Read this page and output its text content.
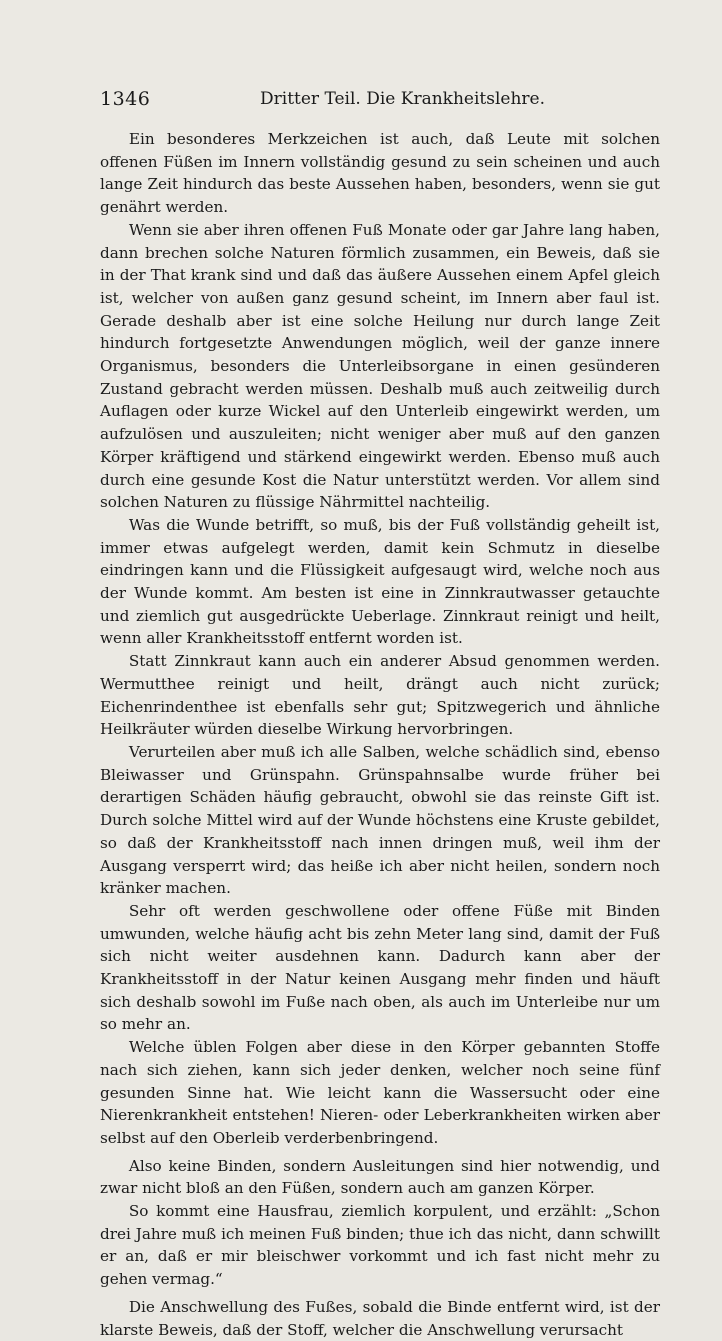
1346	Dritter Teil. Die Krankheitslehre.

Ein besonderes Merkzeichen ist auch, daß Leute mit solchen offenen Füßen im Innern vollständig gesund zu sein scheinen und auch lange Zeit hindurch das beste Aussehen haben, besonders, wenn sie gut genährt werden.

Wenn sie aber ihren offenen Fuß Monate oder gar Jahre lang haben, dann brechen solche Naturen förmlich zusammen, ein Beweis, daß sie in der That krank sind und daß das äußere Aussehen einem Apfel gleich ist, welcher von außen ganz gesund scheint, im Innern aber faul ist. Gerade deshalb aber ist eine solche Heilung nur durch lange Zeit hindurch fortgesetzte Anwendungen möglich, weil der ganze innere Organismus, besonders die Unterleibsorgane in einen gesünderen Zustand gebracht werden müssen. Deshalb muß auch zeitweilig durch Auflagen oder kurze Wickel auf den Unterleib eingewirkt werden, um aufzulösen und auszuleiten; nicht weniger aber muß auf den ganzen Körper kräftigend und stärkend eingewirkt werden. Ebenso muß auch durch eine gesunde Kost die Natur unterstützt werden. Vor allem sind solchen Naturen zu flüssige Nährmittel nachteilig.

Was die Wunde betrifft, so muß, bis der Fuß vollständig geheilt ist, immer etwas aufgelegt werden, damit kein Schmutz in dieselbe eindringen kann und die Flüssigkeit aufgesaugt wird, welche noch aus der Wunde kommt. Am besten ist eine in Zinnkrautwasser getauchte und ziemlich gut ausgedrückte Ueberlage. Zinnkraut reinigt und heilt, wenn aller Krankheitsstoff entfernt worden ist.

Statt Zinnkraut kann auch ein anderer Absud genommen werden. Wermutthee reinigt und heilt, drängt auch nicht zurück; Eichenrindenthee ist ebenfalls sehr gut; Spitzwegerich und ähnliche Heilkräuter würden dieselbe Wirkung hervorbringen.

Verurteilen aber muß ich alle Salben, welche schädlich sind, ebenso Bleiwasser und Grünspahn. Grünspahnsalbe wurde früher bei derartigen Schäden häufig gebraucht, obwohl sie das reinste Gift ist. Durch solche Mittel wird auf der Wunde höchstens eine Kruste gebildet, so daß der Krankheitsstoff nach innen dringen muß, weil ihm der Ausgang versperrt wird; das heiße ich aber nicht heilen, sondern noch kränker machen.

Sehr oft werden geschwollene oder offene Füße mit Binden umwunden, welche häufig acht bis zehn Meter lang sind, damit der Fuß sich nicht weiter ausdehnen kann. Dadurch kann aber der Krankheitsstoff in der Natur keinen Ausgang mehr finden und häuft sich deshalb sowohl im Fuße nach oben, als auch im Unterleibe nur um so mehr an.

Welche üblen Folgen aber diese in den Körper gebannten Stoffe nach sich ziehen, kann sich jeder denken, welcher noch seine fünf gesunden Sinne hat. Wie leicht kann die Wassersucht oder eine Nierenkrankheit entstehen! Nieren- oder Leberkrankheiten wirken aber selbst auf den Oberleib verderbenbringend.

Also keine Binden, sondern Ausleitungen sind hier notwendig, und zwar nicht bloß an den Füßen, sondern auch am ganzen Körper.

So kommt eine Hausfrau, ziemlich korpulent, und erzählt: „Schon drei Jahre muß ich meinen Fuß binden; thue ich das nicht, dann schwillt er an, daß er mir bleischwer vorkommt und ich fast nicht mehr zu gehen vermag.“

Die Anschwellung des Fußes, sobald die Binde entfernt wird, ist der klarste Beweis, daß der Stoff, welcher die Anschwellung verursacht
